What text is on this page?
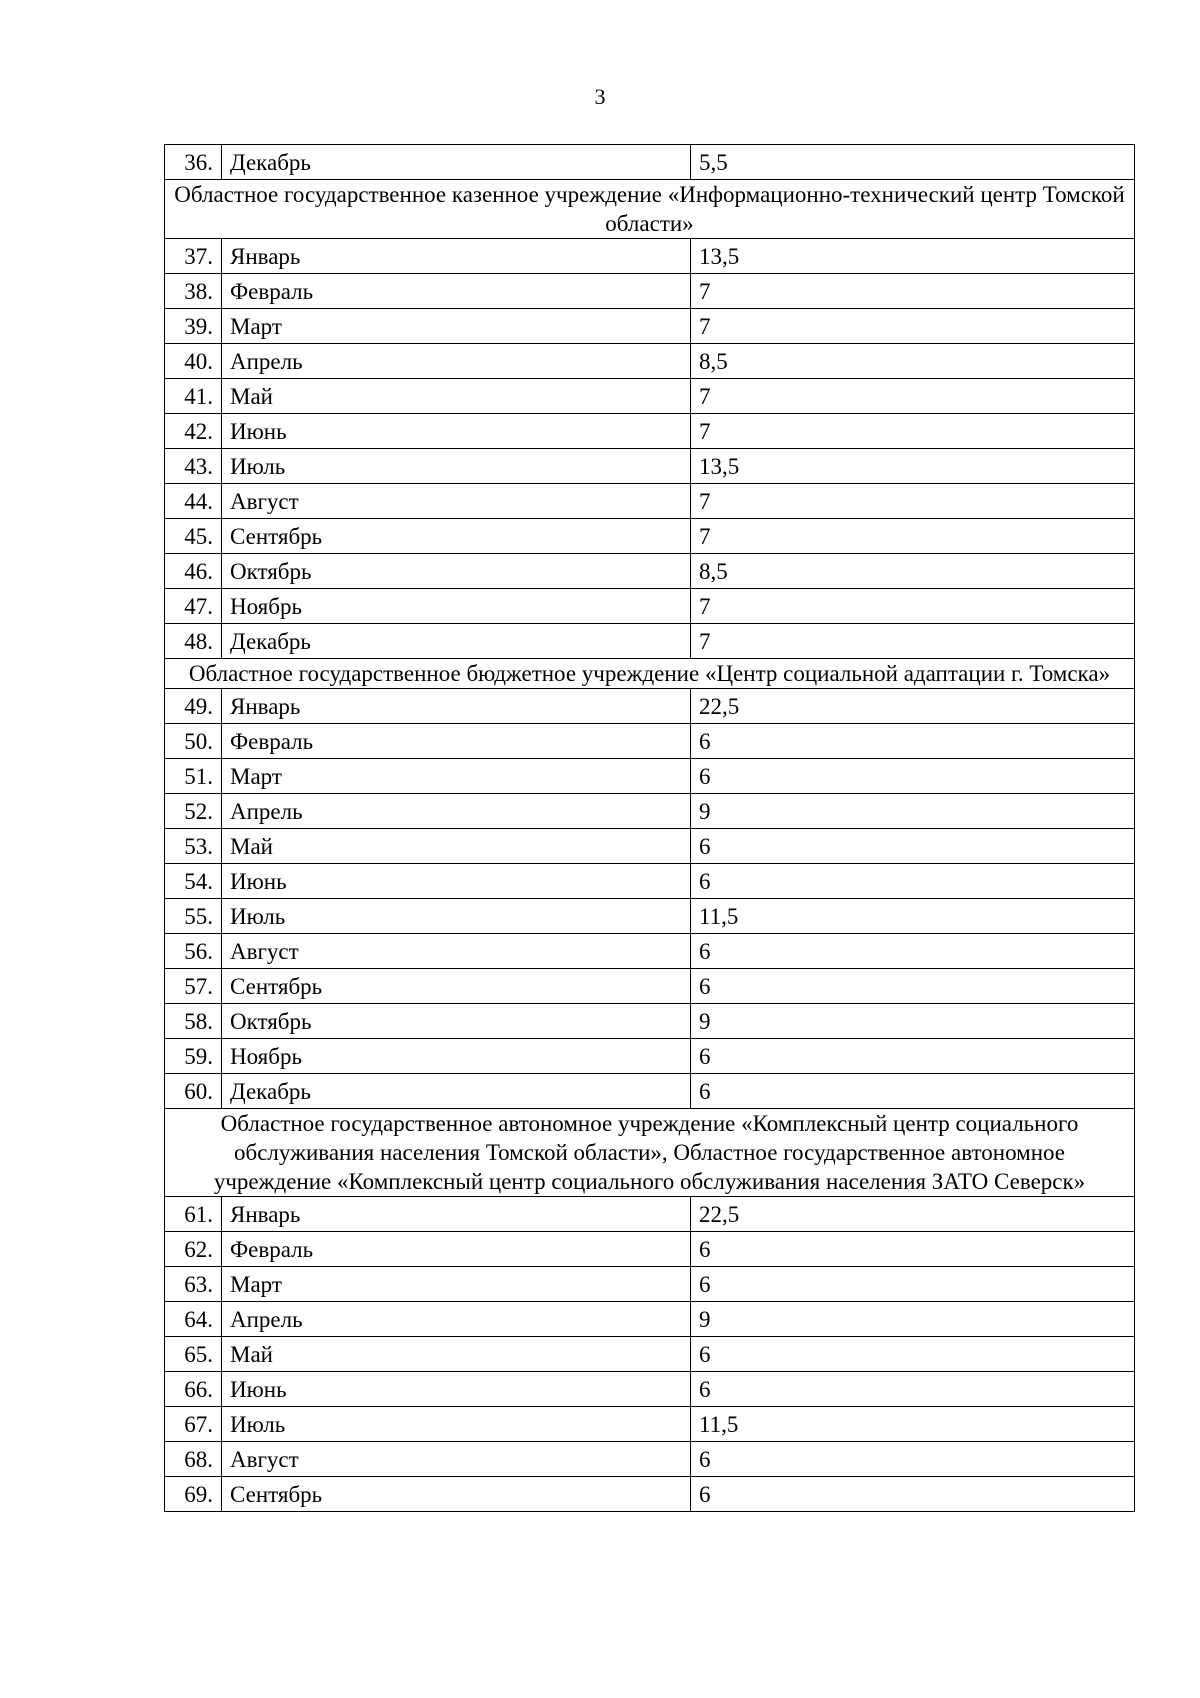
3
36.	Декабрь	5,5
Областное государственное казенное учреждение «Информационно-технический центр Томской области»		
37.	Январь	13,5
38.	Февраль	7
39.	Март	7
40.	Апрель	8,5
41.	Май	7
42.	Июнь	7
43.	Июль	13,5
44.	Август	7
45.	Сентябрь	7
46.	Октябрь	8,5
47.	Ноябрь	7
48.	Декабрь	7
Областное государственное бюджетное учреждение «Центр социальной адаптации г. Томска»		
49.	Январь	22,5
50.	Февраль	6
51.	Март	6
52.	Апрель	9
53.	Май	6
54.	Июнь	6
55.	Июль	11,5
56.	Август	6
57.	Сентябрь	6
58.	Октябрь	9
59.	Ноябрь	6
60.	Декабрь	6
Областное государственное автономное учреждение «Комплексный центр социального обслуживания населения Томской области», Областное государственное автономное учреждение «Комплексный центр социального обслуживания населения ЗАТО Северск»		
61.	Январь	22,5
62.	Февраль	6
63.	Март	6
64.	Апрель	9
65.	Май	6
66.	Июнь	6
67.	Июль	11,5
68.	Август	6
69.	Сентябрь	6
